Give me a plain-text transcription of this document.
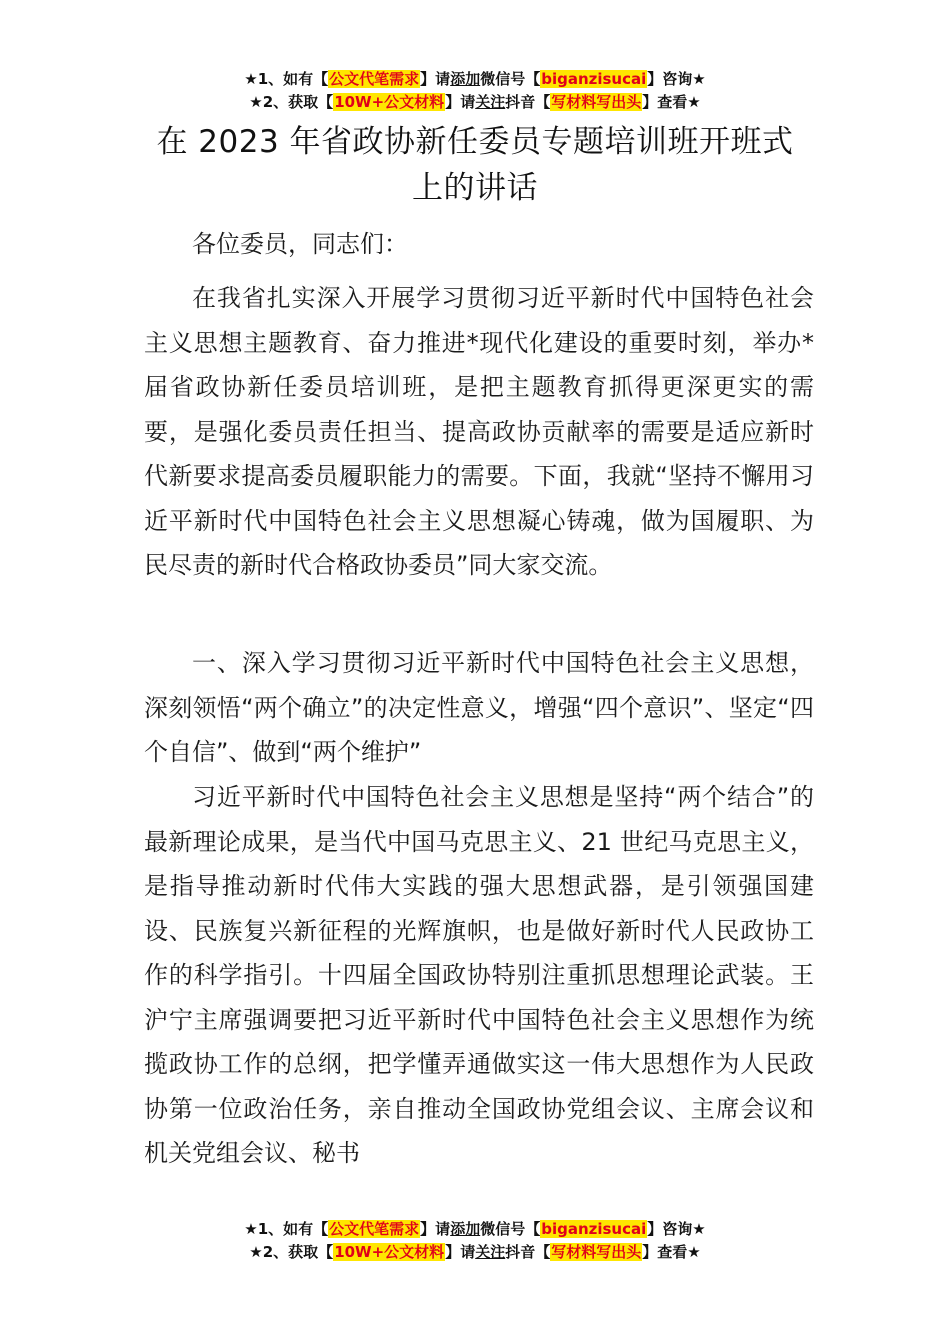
★1、如有【公文代笔需求】请添加微信号【biganzisucai】咨询★
★2、获取【10W+公文材料】请关注抖音【写材料写出头】查看★
在 2023 年省政协新任委员专题培训班开班式
上的讲话
各位委员，同志们：
在我省扎实深入开展学习贯彻习近平新时代中国特色社会主义思想主题教育、奋力推进*现代化建设的重要时刻，举办*届省政协新任委员培训班，是把主题教育抓得更深更实的需要，是强化委员责任担当、提高政协贡献率的需要是适应新时代新要求提高委员履职能力的需要。下面，我就“坚持不懈用习近平新时代中国特色社会主义思想凝心铸魂，做为国履职、为民尽责的新时代合格政协委员”同大家交流。
一、深入学习贯彻习近平新时代中国特色社会主义思想，深刻领悟“两个确立”的决定性意义，增强“四个意识”、坚定“四个自信”、做到“两个维护”
习近平新时代中国特色社会主义思想是坚持“两个结合”的最新理论成果，是当代中国马克思主义、21 世纪马克思主义，是指导推动新时代伟大实践的强大思想武器，是引领强国建设、民族复兴新征程的光辉旗帜，也是做好新时代人民政协工作的科学指引。十四届全国政协特别注重抓思想理论武装。王沪宁主席强调要把习近平新时代中国特色社会主义思想作为统揽政协工作的总纲，把学懂弄通做实这一伟大思想作为人民政协第一位政治任务，亲自推动全国政协党组会议、主席会议和机关党组会议、秘书
★1、如有【公文代笔需求】请添加微信号【biganzisucai】咨询★
★2、获取【10W+公文材料】请关注抖音【写材料写出头】查看★
